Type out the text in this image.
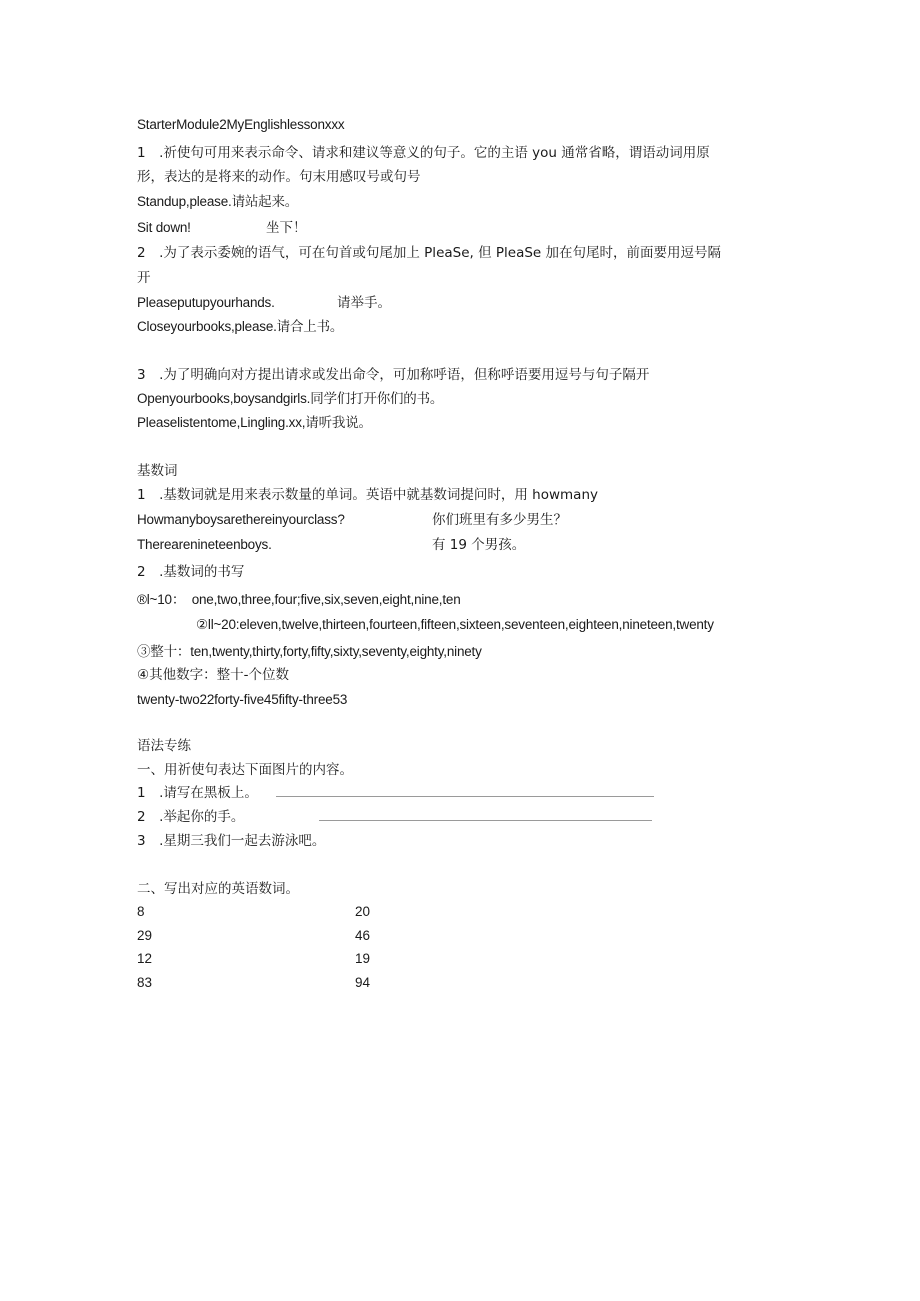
StarterModule2MyEnglishlessonxxx
1　.祈使句可用来表示命令、请求和建议等意义的句子。它的主语 you 通常省略，谓语动词用原
形，表达的是将来的动作。句末用感叹号或句号
Standup,please.请站起来。
Sit down!	坐下！
2　.为了表示委婉的语气，可在句首或句尾加上 PleaSe, 但 PleaSe 加在句尾时，前面要用逗号隔
开
Pleaseputupyourhands.	请举手。
Closeyourbooks,please.请合上书。
3　.为了明确向对方提出请求或发出命令，可加称呼语，但称呼语要用逗号与句子隔开
Openyourbooks,boysandgirls.同学们打开你们的书。
Pleaselistentome,Lingling.xx,请听我说。
基数词
1　.基数词就是用来表示数量的单词。英语中就基数词提问时，用 howmany
Howmanyboysarethereinyourclass?	你们班里有多少男生？
Therearenineteenboys.	有 19 个男孩。
2　.基数词的书写
®l~10： one,two,three,four;five,six,seven,eight,nine,ten
②ll~20:eleven,twelve,thirteen,fourteen,fifteen,sixteen,seventeen,eighteen,nineteen,twenty
③整十：ten,twenty,thirty,forty,fifty,sixty,seventy,eighty,ninety
④其他数字：整十-个位数
twenty-two22forty-five45fifty-three53
语法专练
一、用祈使句表达下面图片的内容。
1　.请写在黑板上。
2　.举起你的手。
3　.星期三我们一起去游泳吧。
二、写出对应的英语数词。
8	20
29	46
12	19
83	94
